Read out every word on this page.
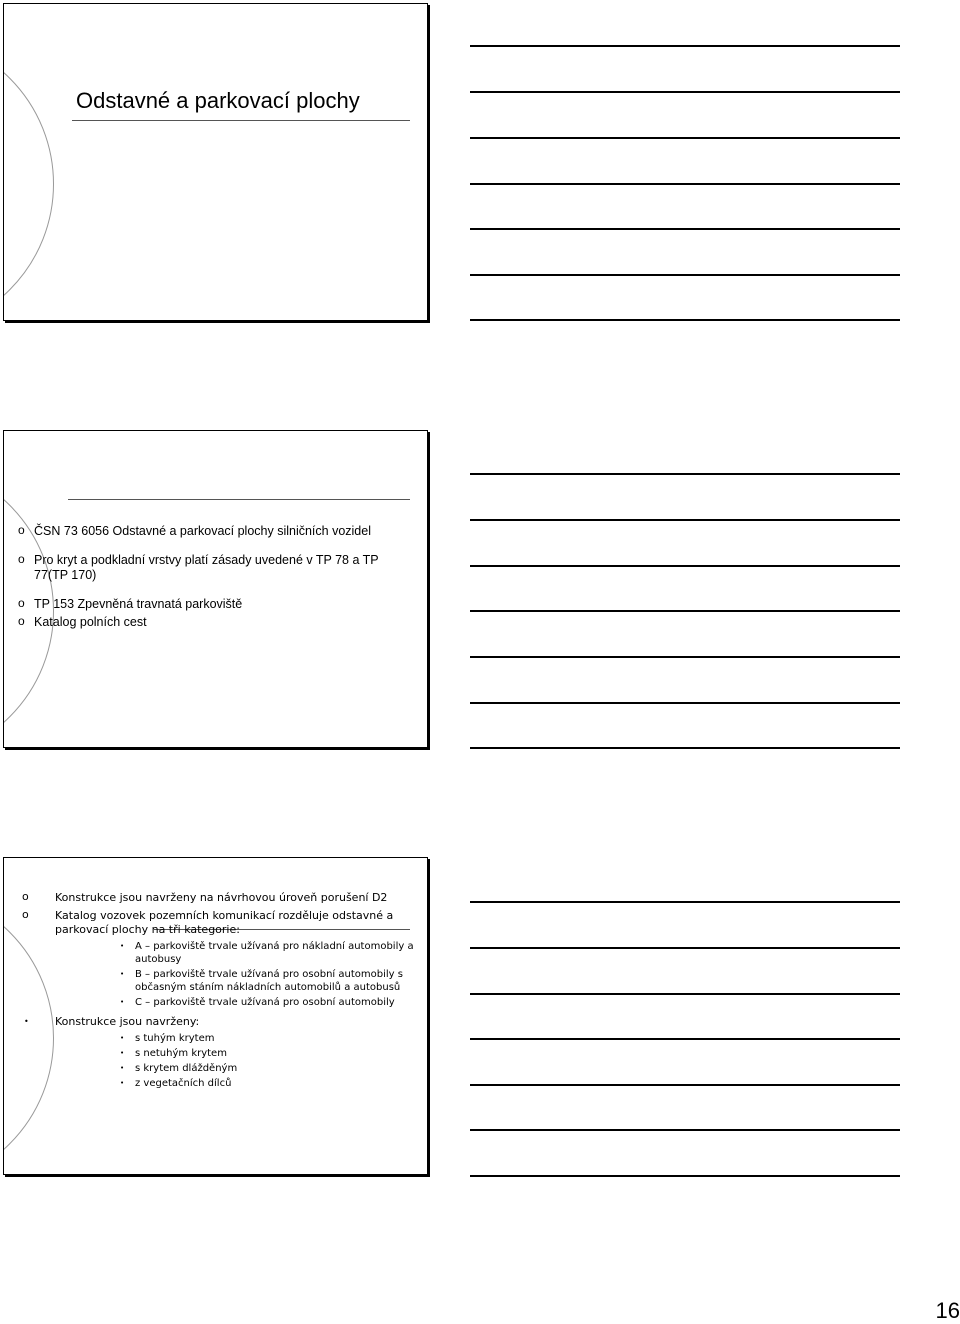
Odstavné a parkovací plochy
o ČSN 73 6056 Odstavné a parkovací plochy silničních vozidel
o Pro kryt a podkladní vrstvy platí zásady uvedené v TP 78 a TP 77(TP 170)
o TP 153 Zpevněná travnatá parkoviště
o Katalog polních cest
o Konstrukce jsou navrženy na návrhovou úroveň porušení D2
o Katalog vozovek pozemních komunikací rozděluje odstavné a parkovací plochy na tři kategorie:
• A – parkoviště trvale užívaná pro nákladní automobily a autobusy
• B – parkoviště trvale užívaná pro osobní automobily s občasným stáním nákladních automobilů a autobusů
• C – parkoviště trvale užívaná pro osobní automobily
• Konstrukce jsou navrženy:
• s tuhým krytem
• s netuhým krytem
• s krytem dlážděným
• z vegetačních dílců
16
